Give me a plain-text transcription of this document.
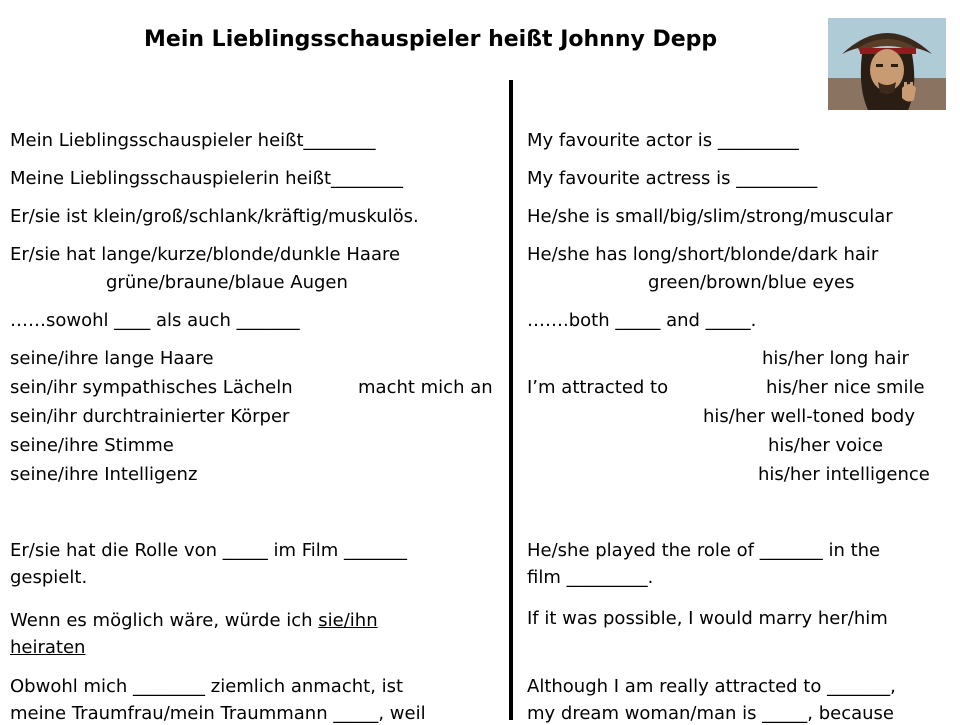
Mein Lieblingsschauspieler heißt Johnny Depp
Mein Lieblingsschauspieler heißt________
Meine Lieblingsschauspielerin heißt________
Er/sie ist klein/groß/schlank/kräftig/muskulös.
Er/sie hat lange/kurze/blonde/dunkle Haare
grüne/braune/blaue Augen
……sowohl ____ als auch _______
seine/ihre lange Haare
sein/ihr sympathisches Lächeln	macht mich an
sein/ihr durchtrainierter Körper
seine/ihre Stimme
seine/ihre Intelligenz
Er/sie hat die Rolle von _____ im Film _______
gespielt.
Wenn es möglich wäre, würde ich sie/ihn
heiraten
Obwohl mich ________ ziemlich anmacht, ist
meine Traumfrau/mein Traummann _____, weil
My favourite actor is _________
My favourite actress is _________
He/she is small/big/slim/strong/muscular
He/she has long/short/blonde/dark hair
green/brown/blue eyes
…….both _____ and _____.
his/her long hair
I’m attracted to	his/her nice smile
his/her well-toned body
his/her voice
his/her intelligence
He/she played the role of _______ in the
film _________.
If it was possible, I would marry her/him
Although I am really attracted to _______,
my dream woman/man is _____, because
